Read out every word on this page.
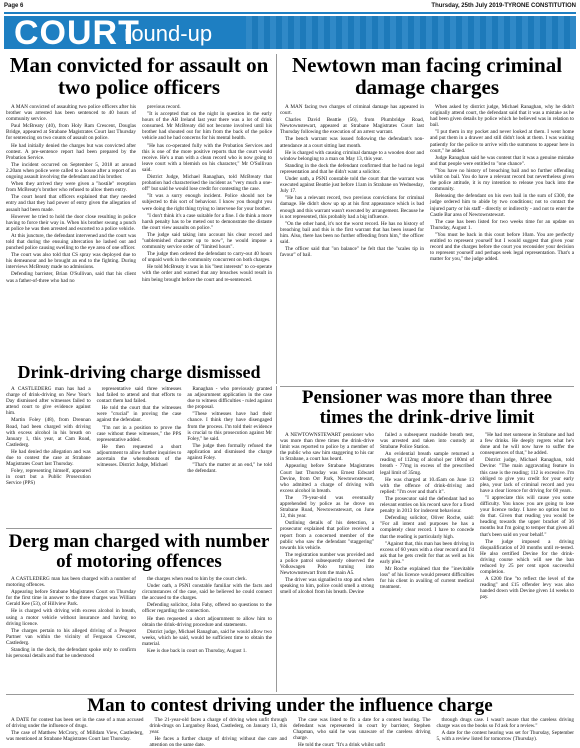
Page 6	Thursday, 25th July 2019-TYRONE CONSTITUTION
COURT
round-up
Man convicted for assault on two police officers

A MAN convicted of assaulting two police officers after his brother was arrested has been sentenced to 40 hours of community service.

Paul McBreaty (40), from Holy Ram Crescent, Douglas Bridge, appeared at Strabane Magistrates Court last Thursday for sentencing on two counts of assault on police.

He had initially denied the charges but was convicted after contest. A pre-sentence report had been prepared by the Probation Service.

The incident occurred on September 5, 2018 at around 2.20am when police were called to a house after a report of an ongoing assault involving the defendant and his brother.

When they arrived they were given a "hostile" reception from McBreaty's brother who refused to allow them entry.

The court heard that officers explained that they needed entry and that they had power of entry given the allegation of assault had been made.

However he tried to hold the door close resulting in police having to force their way in. When his brother swung a punch at police he was then arrested and escorted to a police vehicle.

At this juncture, the defendant intervened and the court was told that during the ensuing altercation he lashed out and punched police causing swelling to the eye area of one officer.

The court was also told that CS spray was deployed due to his demeanour and he brought an end to the fighting. During interviews McBreaty made no admissions.

Defending barrister, Brian O'Sullivan, said that his client was a father-of-three who had no

previous record.

"It is accepted that on the night in question in the early hours of the AB Ireland last year there was a lot of drink consumed. Mr McBreaty did not become involved until his brother had shouted out for him from the back of the police vehicle and he had concerns for his mental health.

"He has co-operated fully with the Probation Services and this is one of the more positive reports that the court would receive. He's a man with a clean record who is now going to leave court with a blemish on his character," Mr O'Sullivan said.

District Judge, Michael Ranaghan, told McBreaty that probation had characterised the incident as "very much a one-off" but said he would lose credit for contesting the case.

"It was a surry enough incident. Police should not be subjected to this sort of behaviour. I know you thought you were doing the right thing trying to intervene for your brother.

"I don't think it's a case suitable for a fine. I do think a more harsh penalty has to be meted out to demonstrate the distaste the court view assaults on police."

The judge said taking into account his clear record and "unblemished character up to now", he would impose a community service order of "limited hours".

The judge then ordered the defendant to carry-out 40 hours of unpaid work in the community concurrent on both charges.

He told McBreaty it was in his "best interests" to co-operate with the order and warned that any breaches would result in him being brought before the court and re-sentenced.

Newtown man facing criminal damage charges

A MAN facing two charges of criminal damage has appeared in court.

Charles David Beattie (56), from Plumbridge Road, Newtownstewart, appeared at Strabane Magistrates Court last Thursday following the execution of an arrest warrant.

The bench warrant was issued following the defendant's non-attendance at a court sitting last month.

He is charged with causing criminal damage to a wooden door and window belonging to a man on May 13, this year.

Standing in the dock the defendant confirmed that he had no legal representation and that he didn't want a solicitor.

Under oath, a PSNI constable told the court that the warrant was executed against Beattie just before 11am in Strabane on Wednesday, July 17.

"He has a relevant record, two previous convictions for criminal damage. He didn't show up up at his first appearance which is bad enough and this warrant wasn't executed by arrangement. Because he is not represented, this probably had a big influence.

"On the other hand, it's not the worst record. He has no history of breaching bail and this is the first warrant that has been issued for him. Also, there has been no further offending from him," the officer said.

The officer said that "on balance" he felt that the "scales tip in favour" of bail.

When asked by district judge, Michael Ranaghan, why he didn't originally attend court, the defendant said that it was a mistake as he had been given details by police which he believed was in relation to bail.

"I put them in my pocket and never looked at them. I went home and put them in a drawer and still didn't look at them. I was waiting patiently for the police to arrive with the summons to appear here in court," he added.

Judge Ranaghan said he was content that it was a genuine mistake and that people were entitled to "one chance".

"You have no history of breaching bail and no further offending whilst on bail. You do have a relevant record but nevertheless given the police attitude, it is my intention to release you back into the community.

Releasing the defendant on his own bail in the sum of £300, the judge ordered him to abide by two conditions; not to contact the injured party or his staff - directly or indirectly - and not to enter the Castle Bar area of Newtownstewart.

The case has been listed for two weeks time for an update on Thursday, August 1.

"You must be back in this court before 10am. You are perfectly entitled to represent yourself but I would suggest that given your record and the charges before the court you reconsider your decision to represent yourself and perhaps seek legal representation. That's a matter for you," the judge added.

Drink-driving charge dismissed

A CASTLEDERG man has had a charge of drink-driving on New Year's Day dismissed after witnesses failed to attend court to give evidence against him.

Martin Foley (48), from Drennan Road, had been charged with driving with excess alcohol in his breath on January 1, this year, at Cam Road, Castlederg.

He had denied the allegation and was due to contest the case at Strabane Magistrates Court last Thursday.

Foley, representing himself, appeared in court but a Public Prosecution Service (PPS)

representative said three witnesses had failed to attend and that efforts to contact them had failed.

He told the court that the witnesses were "crucial" in proving the case against the defendant.

"I'm not in a position to prove the case without these witnesses," the PPS representative added.

He then requested a short adjournment to allow further inquiries to ascertain the whereabouts of the witnesses. District Judge, Michael

Ranaghan - who previously granted an adjournment application in the case due to witness difficulties - ruled against the proposal.

"These witnesses have had their chance. I think they have disengaged from the process. I'm told their evidence is crucial to this prosecution against Mr Foley," he said.

The judge then formally refused the application and dismissed the charge against Foley.

"That's the matter at an end," he told the defendant.

Derg man charged with number of motoring offences

A CASTLEDERG man has been charged with a number of motoring offences.

Appearing before Strabane Magistrates Court on Thursday for the first time in answer to the three charges was William Gerald Kee (53), of Hillview Park.

He is charged with driving with excess alcohol in breath, using a motor vehicle without insurance and having no driving licence.

The charges pertain to his alleged driving of a Peugeot Partner van within the vicinity of Ferguson Crescent, Castlederg.

Standing in the dock, the defendant spoke only to confirm his personal details and that he understood

the charges when read to him by the court clerk.

Under oath, a PSNI constable familiar with the facts and circumstances of the case, said he believed he could connect the accused to the charges.

Defending solicitor, John Fahy, offered no questions to the officer regarding the connection.

He then requested a short adjournment to allow him to obtain the drink-driving procedure and statements.

District judge, Michael Ranaghan, said he would allow two weeks, which he said, would be sufficient time to obtain the material.

Kee is due back in court on Thursday, August 1.

Pensioner was more than three times the drink-drive limit

A NEWTOWNSTEWART pensioner who was more than three times the drink-drive limit was reported to police by a member of the public who saw him staggering to his car in Strabane, a court has heard.

Appearing before Strabane Magistrates Court last Thursday was Ernest Edward Devine, from Orr Park, Newtownstewart, who admitted a charge of driving with excess alcohol in breath.

The 79-year-old was eventually apprehended by police as he drove on Strabane Road, Newtownstewart, on June 12, this year.

Outlining details of his detection, a prosecutor explained that police received a report from a concerned member of the public who saw the defendant "staggering" towards his vehicle.

The registration number was provided and a police patrol subsequently observed the Volkswagen Polo turning into Newtownstewart from the main A5.

The driver was signalled to stop and when speaking to him, police could smell a strong smell of alcohol from his breath. Devine

failed a subsequent roadside breath test, was arrested and taken into custody at Strabane Police Station.

An evidential breath sample returned a reading of 112mg of alcohol per 100ml of breath - 77mg in excess of the prescribed legal limit of 35mg.

He was charged at 10.45am on June 13 with the offence of drink-driving and replied: "I'm over and that's it".

The prosecutor said the defendant had no relevant entries on his record save for a fixed penalty in 2013 for indecent behaviour.

Defending solicitor, Oliver Roche, said: "For all intent and purposes he has a completely clear record. I have to concede that the reading is particularly high.

"Against that, this man has been driving in excess of 60 years with a clear record and I'd ask that he gets credit for that as well as his early plea."

Mr Roche explained that the "inevitable loss" of his licence would present difficulties for his client in availing of current medical treatment.

"He had met someone in Strabane and had a few drinks. He deeply regrets what he's done and he will now have to suffer the consequences of that," he added.

District judge, Michael Ranaghan, told Devine: "The main aggravating feature in this case is the reading; 112 is excessive. I'm obliged to give you credit for your early plea, your lack of criminal record and you have a clear licence for driving for 60 years.

"I appreciate this will cause you some difficulty. You know you are going to lose your licence today. I have no option but to do that. Given that reading you would be heading towards the upper bracket of 36 months but I'm going to temper that given all that's been said on your behalf."

The judge imposed a driving disqualification of 20 months until re-tested. He also certified Devine for the drink-driving course which will see the ban reduced by 25 per cent upon successful completion.

A £200 fine "to reflect the level of the reading" and £15 offender levy was also handed down with Devine given 14 weeks to pay.

Man to contest driving under the influence charge

A DATE for contest has been set in the case of a man accused of driving under the influence of drugs.

The case of Matthew McCrory, of Milldam View, Castlederg, was mentioned at Strabane Magistrates Court last Thursday.

The 21-year-old faces a charge of driving when unfit through drink-drugs on Lurganboy Road, Castlederg, on January 13, this year.

He faces a further charge of driving without due care and attention on the same date.

The case was listed to fix a date for a contest hearing. The defendant was represented in court by barrister, Stephen Chapman, who said he was unaware of the careless driving charge.

He told the court: "It's a drink whilst unfit

through drugs case. I wasn't aware that the careless driving charge was on the books so I'd ask for a review."

A date for the contest hearing was set for Thursday, September 5, with a review listed for tomorrow (Thursday).
